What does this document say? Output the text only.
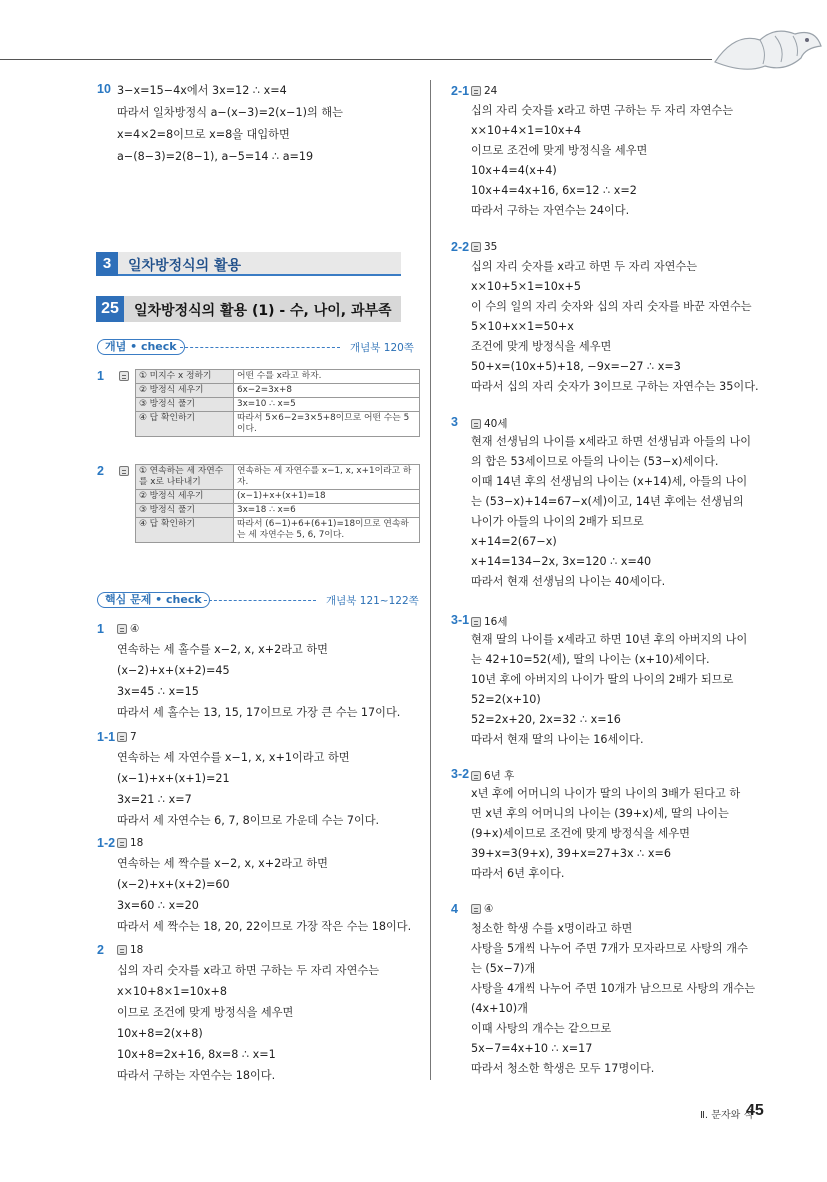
10 3−x=15−4x에서 3x=12 ∴ x=4
따라서 일차방정식 a−(x−3)=2(x−1)의 해는
x=4×2=8이므로 x=8을 대입하면
a−(8−3)=2(8−1), a−5=14 ∴ a=19
3	일차방정식의 활용
25	일차방정식의 활용 (1) - 수, 나이, 과부족
개념 • check	개념북 120쪽
1	① 미지수 x 정하기	어떤 수를 x라고 하자.
② 방정식 세우기	6x−2=3x+8
③ 방정식 풀기	3x=10 ∴ x=5
④ 답 확인하기	따라서 5×6−2=3×5+8이므로 어떤 수는 5이다.
2	① 연속하는 세 자연수를 x로 나타내기	연속하는 세 자연수를 x−1, x, x+1이라고 하자.
② 방정식 세우기	(x−1)+x+(x+1)=18
③ 방정식 풀기	3x=18 ∴ x=6
④ 답 확인하기	따라서 (6−1)+6+(6+1)=18이므로 연속하는 세 자연수는 5, 6, 7이다.
핵심 문제 • check	개념북 121~122쪽
1 ④
연속하는 세 홀수를 x−2, x, x+2라고 하면
(x−2)+x+(x+2)=45
3x=45 ∴ x=15
따라서 세 홀수는 13, 15, 17이므로 가장 큰 수는 17이다.
1-1 7
연속하는 세 자연수를 x−1, x, x+1이라고 하면
(x−1)+x+(x+1)=21
3x=21 ∴ x=7
따라서 세 자연수는 6, 7, 8이므로 가운데 수는 7이다.
1-2 18
연속하는 세 짝수를 x−2, x, x+2라고 하면
(x−2)+x+(x+2)=60
3x=60 ∴ x=20
따라서 세 짝수는 18, 20, 22이므로 가장 작은 수는 18이다.
2 18
십의 자리 숫자를 x라고 하면 구하는 두 자리 자연수는
x×10+8×1=10x+8
이므로 조건에 맞게 방정식을 세우면
10x+8=2(x+8)
10x+8=2x+16, 8x=8 ∴ x=1
따라서 구하는 자연수는 18이다.
2-1 24
십의 자리 숫자를 x라고 하면 구하는 두 자리 자연수는
x×10+4×1=10x+4
이므로 조건에 맞게 방정식을 세우면
10x+4=4(x+4)
10x+4=4x+16, 6x=12 ∴ x=2
따라서 구하는 자연수는 24이다.
2-2 35
십의 자리 숫자를 x라고 하면 두 자리 자연수는
x×10+5×1=10x+5
이 수의 일의 자리 숫자와 십의 자리 숫자를 바꾼 자연수는
5×10+x×1=50+x
조건에 맞게 방정식을 세우면
50+x=(10x+5)+18, −9x=−27 ∴ x=3
따라서 십의 자리 숫자가 3이므로 구하는 자연수는 35이다.
3 40세
현재 선생님의 나이를 x세라고 하면 선생님과 아들의 나이
의 합은 53세이므로 아들의 나이는 (53−x)세이다.
이때 14년 후의 선생님의 나이는 (x+14)세, 아들의 나이
는 (53−x)+14=67−x(세)이고, 14년 후에는 선생님의
나이가 아들의 나이의 2배가 되므로
x+14=2(67−x)
x+14=134−2x, 3x=120 ∴ x=40
따라서 현재 선생님의 나이는 40세이다.
3-1 16세
현재 딸의 나이를 x세라고 하면 10년 후의 아버지의 나이
는 42+10=52(세), 딸의 나이는 (x+10)세이다.
10년 후에 아버지의 나이가 딸의 나이의 2배가 되므로
52=2(x+10)
52=2x+20, 2x=32 ∴ x=16
따라서 현재 딸의 나이는 16세이다.
3-2 6년 후
x년 후에 어머니의 나이가 딸의 나이의 3배가 된다고 하
면 x년 후의 어머니의 나이는 (39+x)세, 딸의 나이는
(9+x)세이므로 조건에 맞게 방정식을 세우면
39+x=3(9+x), 39+x=27+3x ∴ x=6
따라서 6년 후이다.
4 ④
청소한 학생 수를 x명이라고 하면
사탕을 5개씩 나누어 주면 7개가 모자라므로 사탕의 개수
는 (5x−7)개
사탕을 4개씩 나누어 주면 10개가 남으므로 사탕의 개수는
(4x+10)개
이때 사탕의 개수는 같으므로
5x−7=4x+10 ∴ x=17
따라서 청소한 학생은 모두 17명이다.
Ⅱ. 문자와 식
45
